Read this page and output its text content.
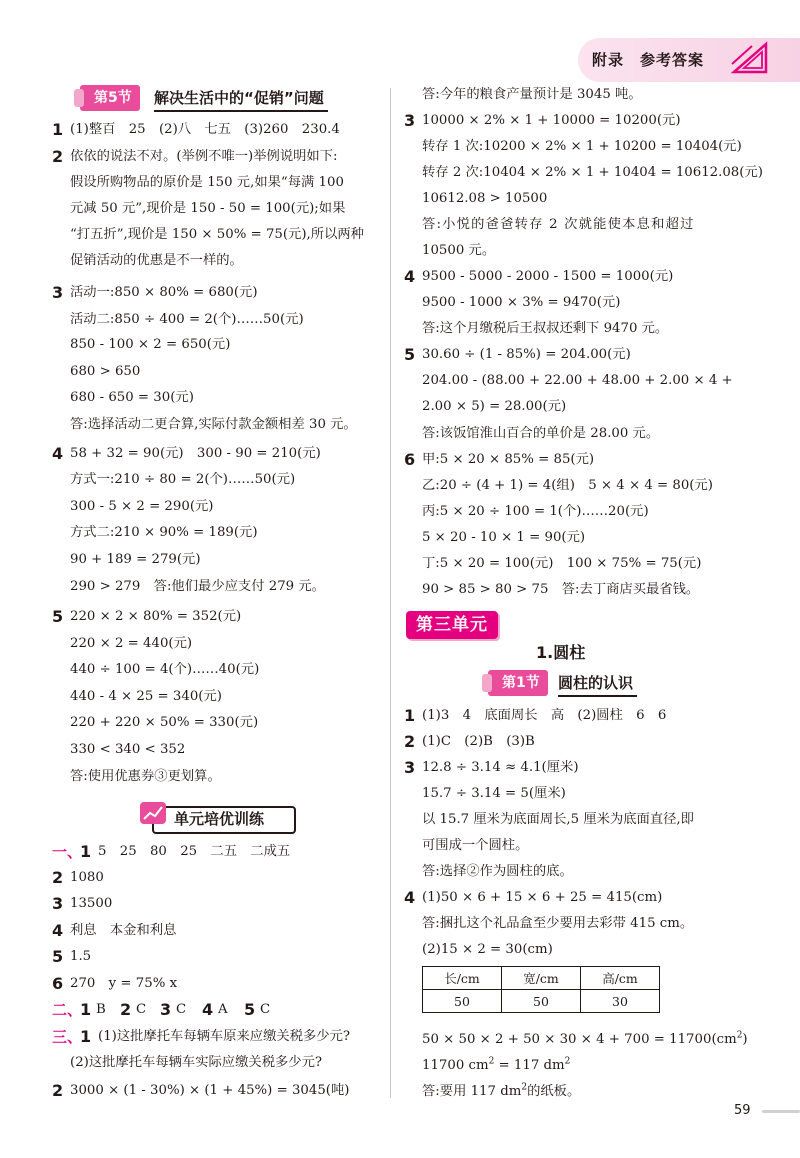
附录　参考答案
第5节	解决生活中的“促销”问题
1 (1)整百　25　(2)八　七五　(3)260　230.4
2 依依的说法不对。(举例不唯一)举例说明如下:
假设所购物品的原价是 150 元,如果“每满 100
元减 50 元”,现价是 150 - 50 = 100(元);如果
“打五折”,现价是 150 × 50% = 75(元),所以两种
促销活动的优惠是不一样的。
3 活动一:850 × 80% = 680(元)
活动二:850 ÷ 400 = 2(个)……50(元)
850 - 100 × 2 = 650(元)
680 > 650
680 - 650 = 30(元)
答:选择活动二更合算,实际付款金额相差 30 元。
4 58 + 32 = 90(元)　300 - 90 = 210(元)
方式一:210 ÷ 80 = 2(个)……50(元)
300 - 5 × 2 = 290(元)
方式二:210 × 90% = 189(元)
90 + 189 = 279(元)
290 > 279　答:他们最少应支付 279 元。
5 220 × 2 × 80% = 352(元)
220 × 2 = 440(元)
440 ÷ 100 = 4(个)……40(元)
440 - 4 × 25 = 340(元)
220 + 220 × 50% = 330(元)
330 < 340 < 352
答:使用优惠券③更划算。
单元培优训练
一、
1 5　25　80　25　二五　二成五
2 1080
3 13500
4 利息　本金和利息
5 1.5
6 270　y = 75% x
二、
1 B 2 C 3 C 4 A 5 C
三、
1 (1)这批摩托车每辆车原来应缴关税多少元?
(2)这批摩托车每辆车实际应缴关税多少元?
2 3000 × (1 - 30%) × (1 + 45%) = 3045(吨)
答:今年的粮食产量预计是 3045 吨。
3 10000 × 2% × 1 + 10000 = 10200(元)
转存 1 次:10200 × 2% × 1 + 10200 = 10404(元)
转存 2 次:10404 × 2% × 1 + 10404 = 10612.08(元)
10612.08 > 10500
答:小悦的爸爸转存 2 次就能使本息和超过
10500 元。
4 9500 - 5000 - 2000 - 1500 = 1000(元)
9500 - 1000 × 3% = 9470(元)
答:这个月缴税后王叔叔还剩下 9470 元。
5 30.60 ÷ (1 - 85%) = 204.00(元)
204.00 - (88.00 + 22.00 + 48.00 + 2.00 × 4 +
2.00 × 5) = 28.00(元)
答:该饭馆淮山百合的单价是 28.00 元。
6 甲:5 × 20 × 85% = 85(元)
乙:20 ÷ (4 + 1) = 4(组)　5 × 4 × 4 = 80(元)
丙:5 × 20 ÷ 100 = 1(个)……20(元)
5 × 20 - 10 × 1 = 90(元)
丁:5 × 20 = 100(元)　100 × 75% = 75(元)
90 > 85 > 80 > 75　答:去丁商店买最省钱。
第三单元
1.圆柱
第1节	圆柱的认识
1 (1)3　4　底面周长　高　(2)圆柱　6　6
2 (1)C　(2)B　(3)B
3 12.8 ÷ 3.14 ≈ 4.1(厘米)
15.7 ÷ 3.14 = 5(厘米)
以 15.7 厘米为底面周长,5 厘米为底面直径,即
可围成一个圆柱。
答:选择②作为圆柱的底。
4 (1)50 × 6 + 15 × 6 + 25 = 415(cm)
答:捆扎这个礼品盒至少要用去彩带 415 cm。
(2)15 × 2 = 30(cm)
长/cm	宽/cm	高/cm
50	50	30
$50 \times 50 \times 2 + 50 \times 30 \times 4 + 700 = 11700(cm^2)$
11700 $cm^2 = 117$ $dm^2$
答:要用 117 $dm^2$的纸板。
59
